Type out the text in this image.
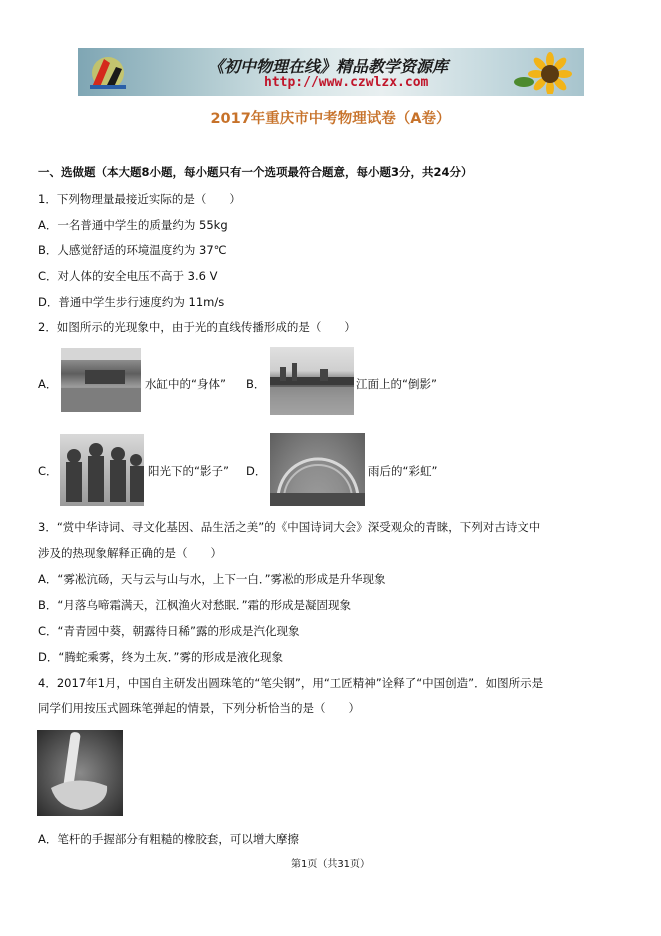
《初中物理在线》精品教学资源库
http://www.czwlzx.com
2017年重庆市中考物理试卷（A卷）
一、选做题（本大题8小题，每小题只有一个选项最符合题意，每小题3分，共24分）
1．下列物理量最接近实际的是（　　）
A．一名普通中学生的质量约为 55kg
B．人感觉舒适的环境温度约为 37℃
C．对人体的安全电压不高于 3.6 V
D．普通中学生步行速度约为 11m/s
2．如图所示的光现象中，由于光的直线传播形成的是（　　）
A．	水缸中的“身体” B．	江面上的“倒影”
C．	阳光下的“影子” D．	雨后的“彩虹”
3．“赏中华诗词、寻文化基因、品生活之美”的《中国诗词大会》深受观众的青睐，下列对古诗文中
涉及的热现象解释正确的是（　　）
A．“雾凇沆砀，天与云与山与水，上下一白．”雾凇的形成是升华现象
B．“月落乌啼霜满天，江枫渔火对愁眠．”霜的形成是凝固现象
C．“青青园中葵，朝露待日稀”露的形成是汽化现象
D．“腾蛇乘雾，终为土灰．”雾的形成是液化现象
4．2017年1月，中国自主研发出圆珠笔的“笔尖钢”，用“工匠精神”诠释了“中国创造”．如图所示是
同学们用按压式圆珠笔弹起的情景，下列分析恰当的是（　　）
A．笔杆的手握部分有粗糙的橡胶套，可以增大摩擦
第1页（共31页）
